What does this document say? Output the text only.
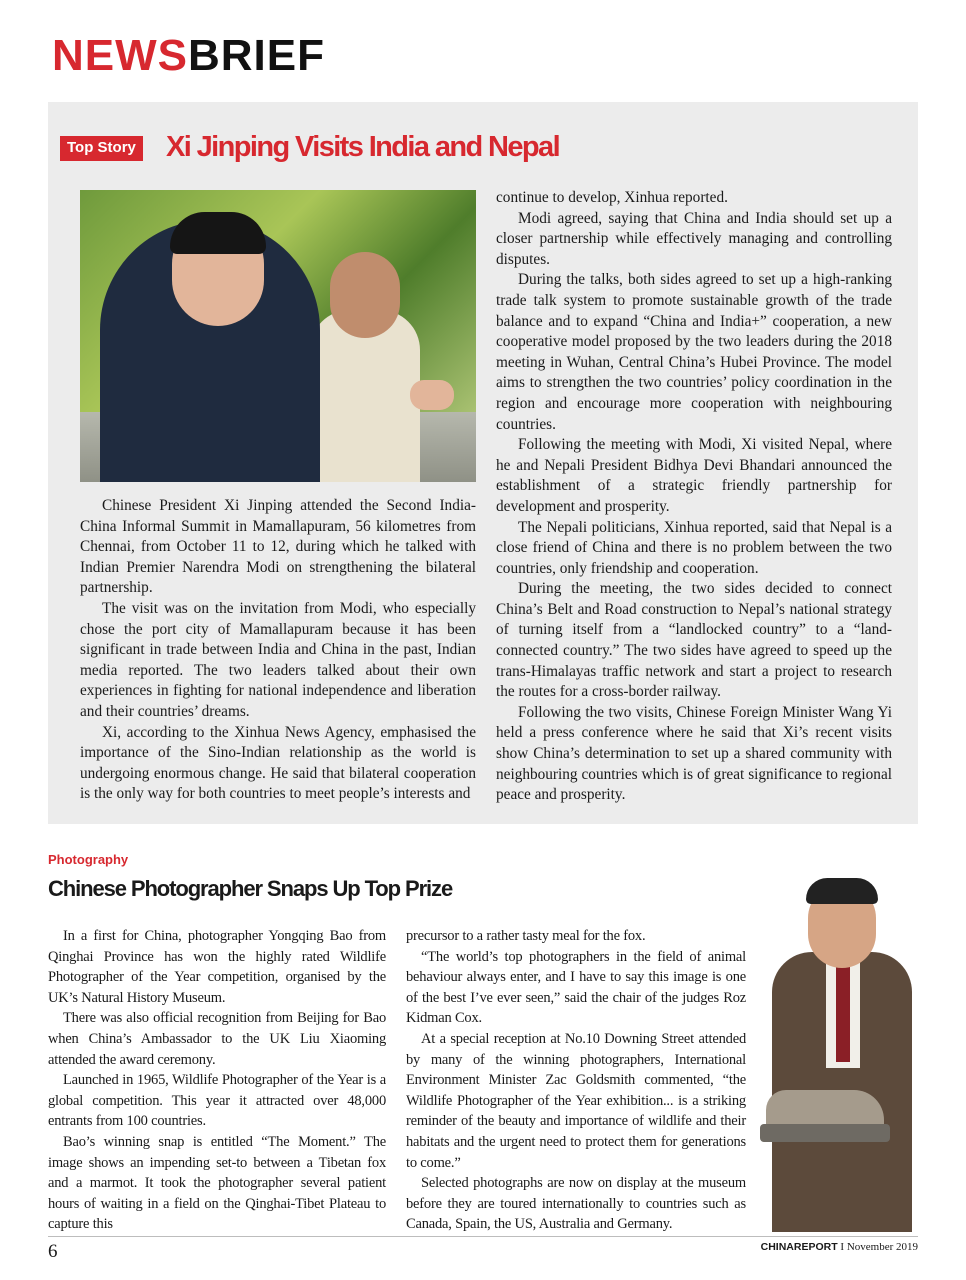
NEWSBRIEF
Top Story Xi Jinping Visits India and Nepal

Chinese President Xi Jinping attended the Second India-China Informal Summit in Mamallapuram, 56 kilometres from Chennai, from October 11 to 12, during which he talked with Indian Premier Narendra Modi on strengthening the bilateral partnership.

The visit was on the invitation from Modi, who especially chose the port city of Mamallapuram because it has been significant in trade between India and China in the past, Indian media reported. The two leaders talked about their own experiences in fighting for national independence and liberation and their countries’ dreams.

Xi, according to the Xinhua News Agency, emphasised the importance of the Sino-Indian relationship as the world is undergoing enormous change. He said that bilateral cooperation is the only way for both countries to meet people’s interests and

continue to develop, Xinhua reported.

Modi agreed, saying that China and India should set up a closer partnership while effectively managing and controlling disputes.

During the talks, both sides agreed to set up a high-ranking trade talk system to promote sustainable growth of the trade balance and to expand “China and India+” cooperation, a new cooperative model proposed by the two leaders during the 2018 meeting in Wuhan, Central China’s Hubei Province. The model aims to strengthen the two countries’ policy coordination in the region and encourage more cooperation with neighbouring countries.

Following the meeting with Modi, Xi visited Nepal, where he and Nepali President Bidhya Devi Bhandari announced the establishment of a strategic friendly partnership for development and prosperity.

The Nepali politicians, Xinhua reported, said that Nepal is a close friend of China and there is no problem between the two countries, only friendship and cooperation.

During the meeting, the two sides decided to connect China’s Belt and Road construction to Nepal’s national strategy of turning itself from a “landlocked country” to a “land-connected country.” The two sides have agreed to speed up the trans-Himalayas traffic network and start a project to research the routes for a cross-border railway.

Following the two visits, Chinese Foreign Minister Wang Yi held a press conference where he said that Xi’s recent visits show China’s determination to set up a shared community with neighbouring countries which is of great significance to regional peace and prosperity.

Photography
Chinese Photographer Snaps Up Top Prize

In a first for China, photographer Yongqing Bao from Qinghai Province has won the highly rated Wildlife Photographer of the Year competition, organised by the UK’s Natural History Museum.

There was also official recognition from Beijing for Bao when China’s Ambassador to the UK Liu Xiaoming attended the award ceremony.

Launched in 1965, Wildlife Photographer of the Year is a global competition. This year it attracted over 48,000 entrants from 100 countries.

Bao’s winning snap is entitled “The Moment.” The image shows an impending set-to between a Tibetan fox and a marmot. It took the photographer several patient hours of waiting in a field on the Qinghai-Tibet Plateau to capture this

precursor to a rather tasty meal for the fox.

“The world’s top photographers in the field of animal behaviour always enter, and I have to say this image is one of the best I’ve ever seen,” said the chair of the judges Roz Kidman Cox.

At a special reception at No.10 Downing Street attended by many of the winning photographers, International Environment Minister Zac Goldsmith commented, “the Wildlife Photographer of the Year exhibition... is a striking reminder of the beauty and importance of wildlife and their habitats and the urgent need to protect them for generations to come.”

Selected photographs are now on display at the museum before they are toured internationally to countries such as Canada, Spain, the US, Australia and Germany.

6	CHINAREPORT I November 2019
